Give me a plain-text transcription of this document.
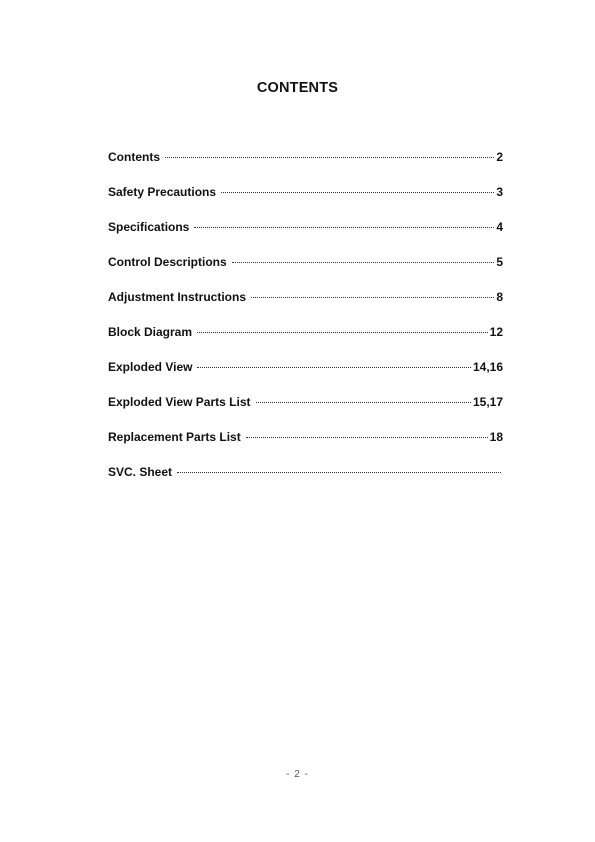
CONTENTS
Contents	2
Safety Precautions	3
Specifications	4
Control Descriptions	5
Adjustment Instructions	8
Block Diagram	12
Exploded View	14,16
Exploded View Parts List	15,17
Replacement Parts List	18
SVC. Sheet
- 2 -
